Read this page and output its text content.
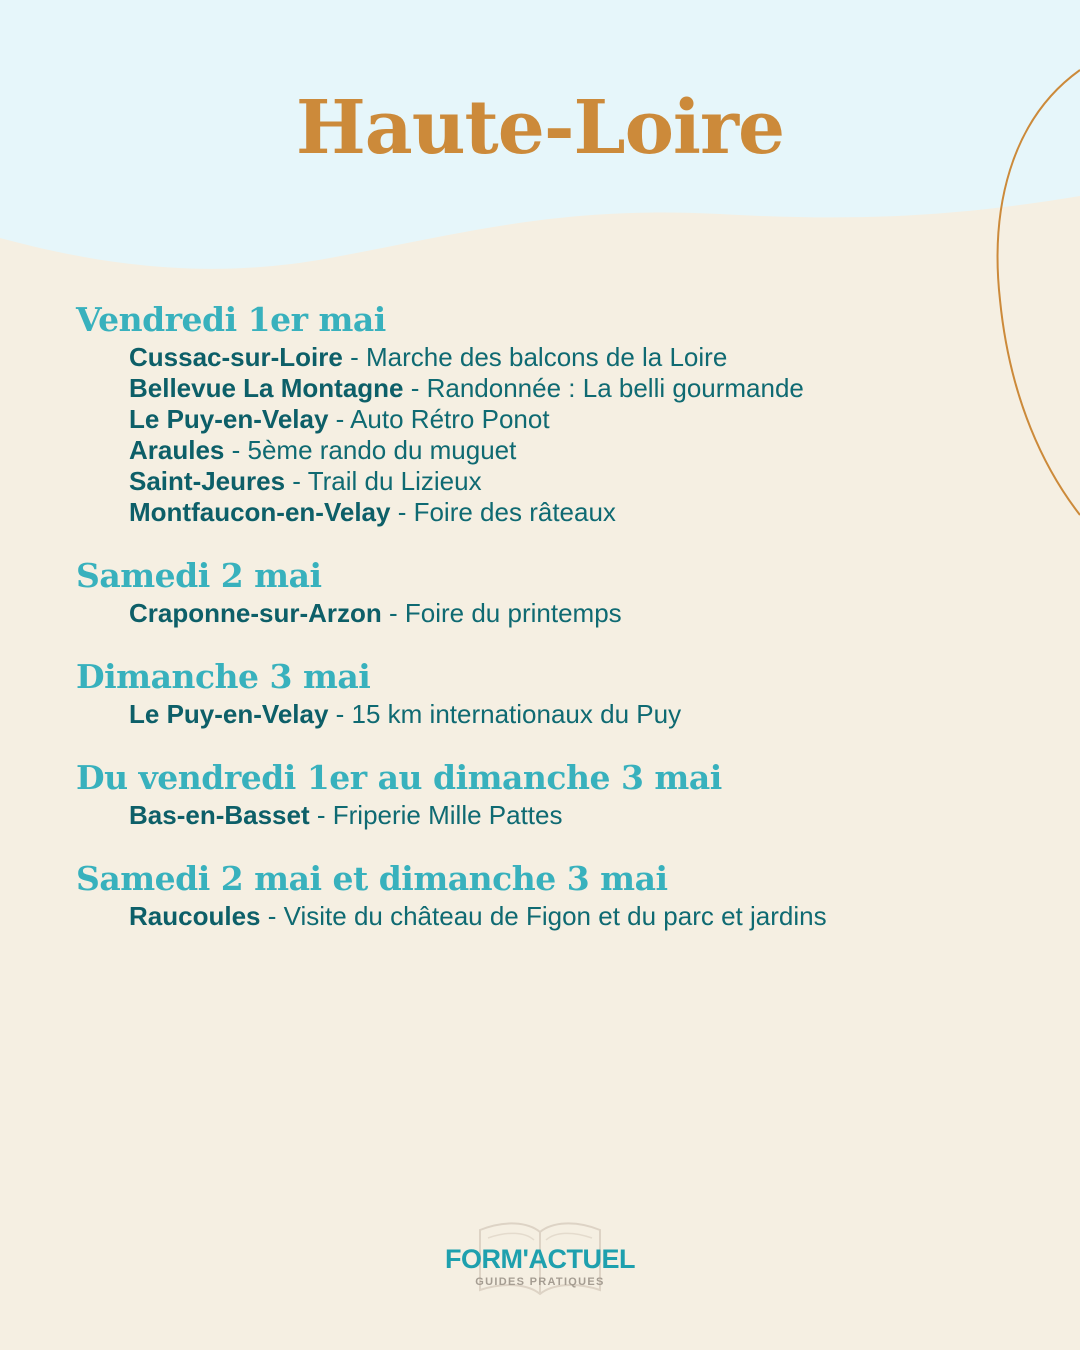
Haute-Loire
Vendredi 1er mai
Cussac-sur-Loire - Marche des balcons de la Loire
Bellevue La Montagne - Randonnée : La belli gourmande
Le Puy-en-Velay - Auto Rétro Ponot
Araules - 5ème rando du muguet
Saint-Jeures - Trail du Lizieux
Montfaucon-en-Velay - Foire des râteaux
Samedi 2 mai
Craponne-sur-Arzon - Foire du printemps
Dimanche 3 mai
Le Puy-en-Velay - 15 km internationaux du Puy
Du vendredi 1er au dimanche 3 mai
Bas-en-Basset - Friperie Mille Pattes
Samedi 2 mai et dimanche 3 mai
Raucoules - Visite du château de Figon et du parc et jardins
FORM'ACTUEL
GUIDES PRATIQUES
